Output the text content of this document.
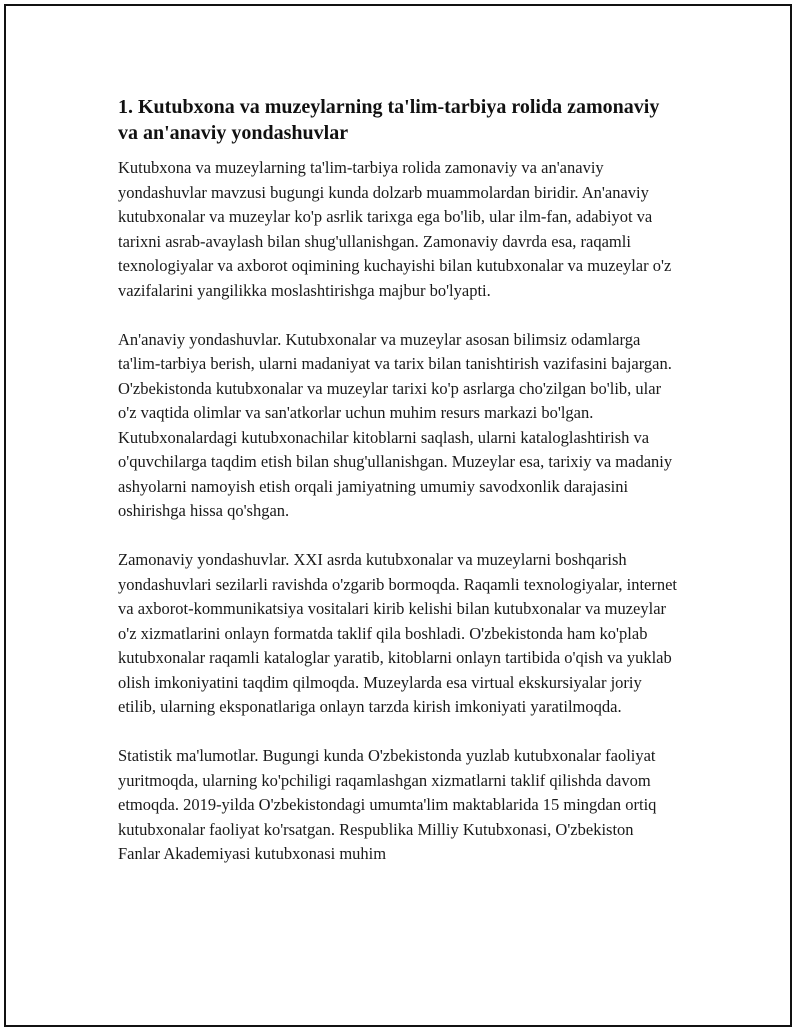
1. Kutubxona va muzeylarning ta'lim-tarbiya rolida zamonaviy va an'anaviy yondashuvlar

Kutubxona va muzeylarning ta'lim-tarbiya rolida zamonaviy va an'anaviy yondashuvlar mavzusi bugungi kunda dolzarb muammolardan biridir. An'anaviy kutubxonalar va muzeylar ko'p asrlik tarixga ega bo'lib, ular ilm-fan, adabiyot va tarixni asrab-avaylash bilan shug'ullanishgan. Zamonaviy davrda esa, raqamli texnologiyalar va axborot oqimining kuchayishi bilan kutubxonalar va muzeylar o'z vazifalarini yangilikka moslashtirishga majbur bo'lyapti.

An'anaviy yondashuvlar. Kutubxonalar va muzeylar asosan bilimsiz odamlarga ta'lim-tarbiya berish, ularni madaniyat va tarix bilan tanishtirish vazifasini bajargan. O'zbekistonda kutubxonalar va muzeylar tarixi ko'p asrlarga cho'zilgan bo'lib, ular o'z vaqtida olimlar va san'atkorlar uchun muhim resurs markazi bo'lgan. Kutubxonalardagi kutubxonachilar kitoblarni saqlash, ularni kataloglashtirish va o'quvchilarga taqdim etish bilan shug'ullanishgan. Muzeylar esa, tarixiy va madaniy ashyolarni namoyish etish orqali jamiyatning umumiy savodxonlik darajasini oshirishga hissa qo'shgan.

Zamonaviy yondashuvlar. XXI asrda kutubxonalar va muzeylarni boshqarish yondashuvlari sezilarli ravishda o'zgarib bormoqda. Raqamli texnologiyalar, internet va axborot-kommunikatsiya vositalari kirib kelishi bilan kutubxonalar va muzeylar o'z xizmatlarini onlayn formatda taklif qila boshladi. O'zbekistonda ham ko'plab kutubxonalar raqamli kataloglar yaratib, kitoblarni onlayn tartibida o'qish va yuklab olish imkoniyatini taqdim qilmoqda. Muzeylarda esa virtual ekskursiyalar joriy etilib, ularning eksponatlariga onlayn tarzda kirish imkoniyati yaratilmoqda.

Statistik ma'lumotlar. Bugungi kunda O'zbekistonda yuzlab kutubxonalar faoliyat yuritmoqda, ularning ko'pchiligi raqamlashgan xizmatlarni taklif qilishda davom etmoqda. 2019-yilda O'zbekistondagi umumta'lim maktablarida 15 mingdan ortiq kutubxonalar faoliyat ko'rsatgan. Respublika Milliy Kutubxonasi, O'zbekiston Fanlar Akademiyasi kutubxonasi muhim
